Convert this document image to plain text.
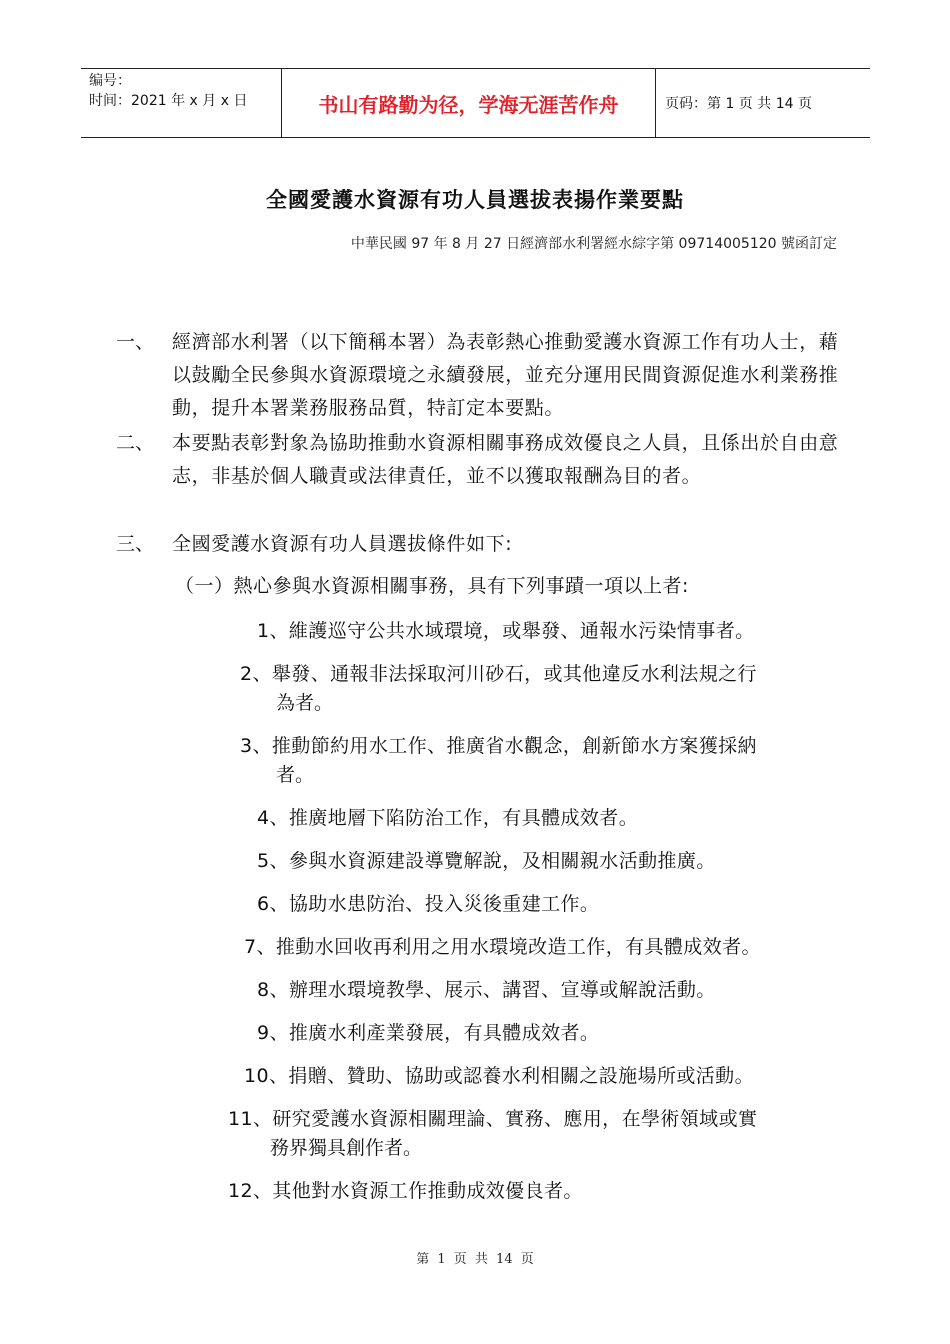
编号：
时间：2021 年 x 月 x 日	书山有路勤为径，学海无涯苦作舟	页码：第 1 页 共 14 页
全國愛護水資源有功人員選拔表揚作業要點
中華民國 97 年 8 月 27 日經濟部水利署經水綜字第 09714005120 號函訂定
一、 經濟部水利署（以下簡稱本署）為表彰熱心推動愛護水資源工作有功人士，藉以鼓勵全民參與水資源環境之永續發展，並充分運用民間資源促進水利業務推動，提升本署業務服務品質，特訂定本要點。
二、 本要點表彰對象為協助推動水資源相關事務成效優良之人員，且係出於自由意志，非基於個人職責或法律責任，並不以獲取報酬為目的者。
三、 全國愛護水資源有功人員選拔條件如下:
（一）熱心參與水資源相關事務，具有下列事蹟一項以上者:
1、維護巡守公共水域環境，或舉發、通報水污染情事者。
2、舉發、通報非法採取河川砂石，或其他違反水利法規之行
為者。
3、推動節約用水工作、推廣省水觀念，創新節水方案獲採納
者。
4、推廣地層下陷防治工作，有具體成效者。
5、參與水資源建設導覽解說，及相關親水活動推廣。
6、協助水患防治、投入災後重建工作。
7、推動水回收再利用之用水環境改造工作，有具體成效者。
8、辦理水環境教學、展示、講習、宣導或解說活動。
9、推廣水利產業發展，有具體成效者。
10、捐贈、贊助、協助或認養水利相關之設施場所或活動。
11、研究愛護水資源相關理論、實務、應用，在學術領域或實
務界獨具創作者。
12、其他對水資源工作推動成效優良者。
第 1 页 共 14 页
